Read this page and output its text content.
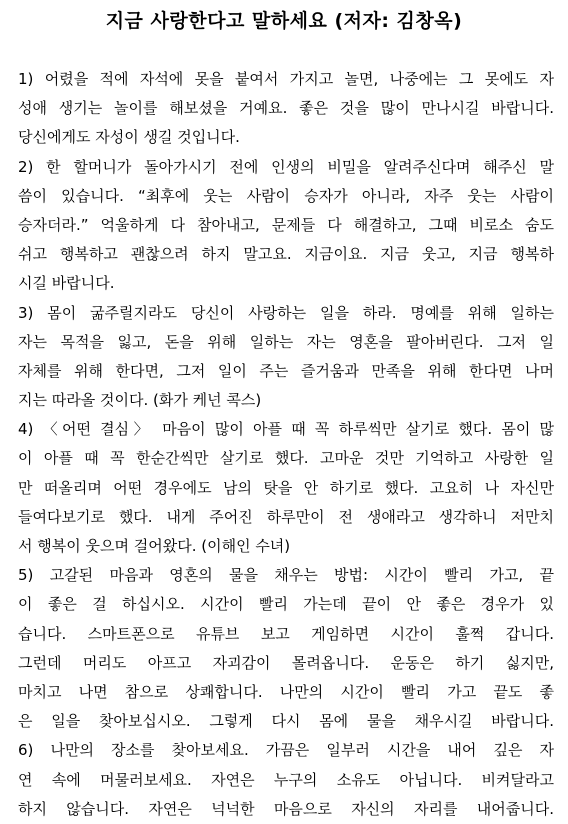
지금 사랑한다고 말하세요 (저자: 김창옥)
1) 어렸을 적에 자석에 못을 붙여서 가지고 놀면, 나중에는 그 못에도 자
성애 생기는 놀이를 해보셨을 거예요. 좋은 것을 많이 만나시길 바랍니다.
당신에게도 자성이 생길 것입니다.
2) 한 할머니가 돌아가시기 전에 인생의 비밀을 알려주신다며 해주신 말
씀이 있습니다. “최후에 웃는 사람이 승자가 아니라, 자주 웃는 사람이
승자더라.” 억울하게 다 참아내고, 문제들 다 해결하고, 그때 비로소 숨도
쉬고 행복하고 괜찮으려 하지 말고요. 지금이요. 지금 웃고, 지금 행복하
시길 바랍니다.
3) 몸이 굶주릴지라도 당신이 사랑하는 일을 하라. 명예를 위해 일하는
자는 목적을 잃고, 돈을 위해 일하는 자는 영혼을 팔아버린다. 그저 일
자체를 위해 한다면, 그저 일이 주는 즐거움과 만족을 위해 한다면 나머
지는 따라올 것이다. (화가 케넌 콕스)
4) 〈어떤 결심〉 마음이 많이 아플 때 꼭 하루씩만 살기로 했다. 몸이 많
이 아플 때 꼭 한순간씩만 살기로 했다. 고마운 것만 기억하고 사랑한 일
만 떠올리며 어떤 경우에도 남의 탓을 안 하기로 했다. 고요히 나 자신만
들여다보기로 했다. 내게 주어진 하루만이 전 생애라고 생각하니 저만치
서 행복이 웃으며 걸어왔다. (이해인 수녀)
5) 고갈된 마음과 영혼의 물을 채우는 방법: 시간이 빨리 가고, 끝
이 좋은 걸 하십시오. 시간이 빨리 가는데 끝이 안 좋은 경우가 있
습니다. 스마트폰으로 유튜브 보고 게임하면 시간이 훌쩍 갑니다.
그런데 머리도 아프고 자괴감이 몰려옵니다. 운동은 하기 싫지만,
마치고 나면 참으로 상쾌합니다. 나만의 시간이 빨리 가고 끝도 좋
은 일을 찾아보십시오. 그렇게 다시 몸에 물을 채우시길 바랍니다.
6) 나만의 장소를 찾아보세요. 가끔은 일부러 시간을 내어 깊은 자
연 속에 머물러보세요. 자연은 누구의 소유도 아닙니다. 비켜달라고
하지 않습니다. 자연은 넉넉한 마음으로 자신의 자리를 내어줍니다.
